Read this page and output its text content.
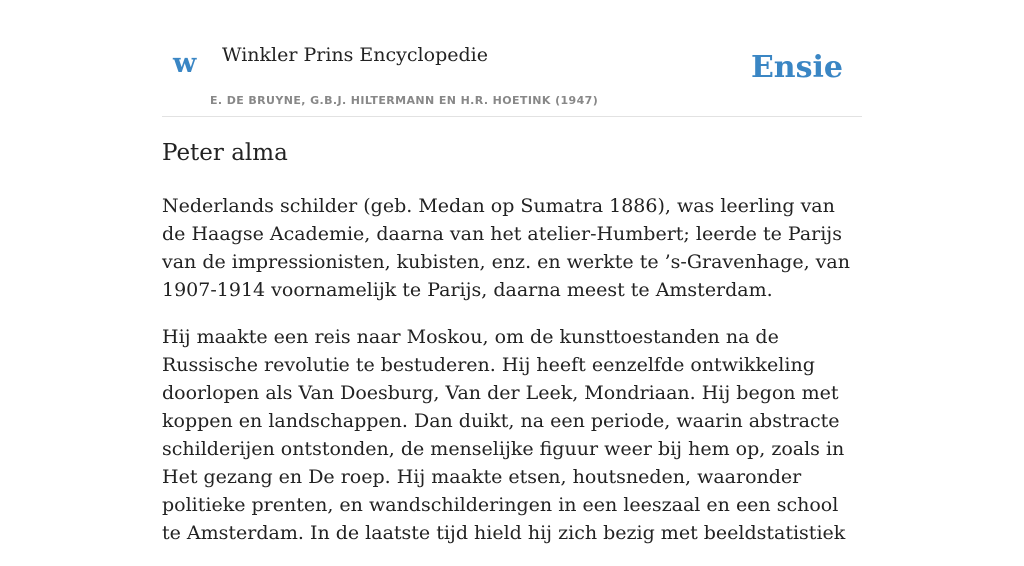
w Winkler Prins Encyclopedie
E. DE BRUYNE, G.B.J. HILTERMANN EN H.R. HOETINK (1947)
Ensie
Peter alma

Nederlands schilder (geb. Medan op Sumatra 1886), was leerling van de Haagse Academie, daarna van het atelier-Humbert; leerde te Parijs van de impressionisten, kubisten, enz. en werkte te ’s-Gravenhage, van 1907-1914 voornamelijk te Parijs, daarna meest te Amsterdam.

Hij maakte een reis naar Moskou, om de kunsttoestanden na de Russische revolutie te bestuderen. Hij heeft eenzelfde ontwikkeling doorlopen als Van Doesburg, Van der Leek, Mondriaan. Hij begon met koppen en landschappen. Dan duikt, na een periode, waarin abstracte schilderijen ontstonden, de menselijke figuur weer bij hem op, zoals in Het gezang en De roep. Hij maakte etsen, houtsneden, waaronder politieke prenten, en wandschilderingen in een leeszaal en een school te Amsterdam. In de laatste tijd hield hij zich bezig met beeldstatistiek
